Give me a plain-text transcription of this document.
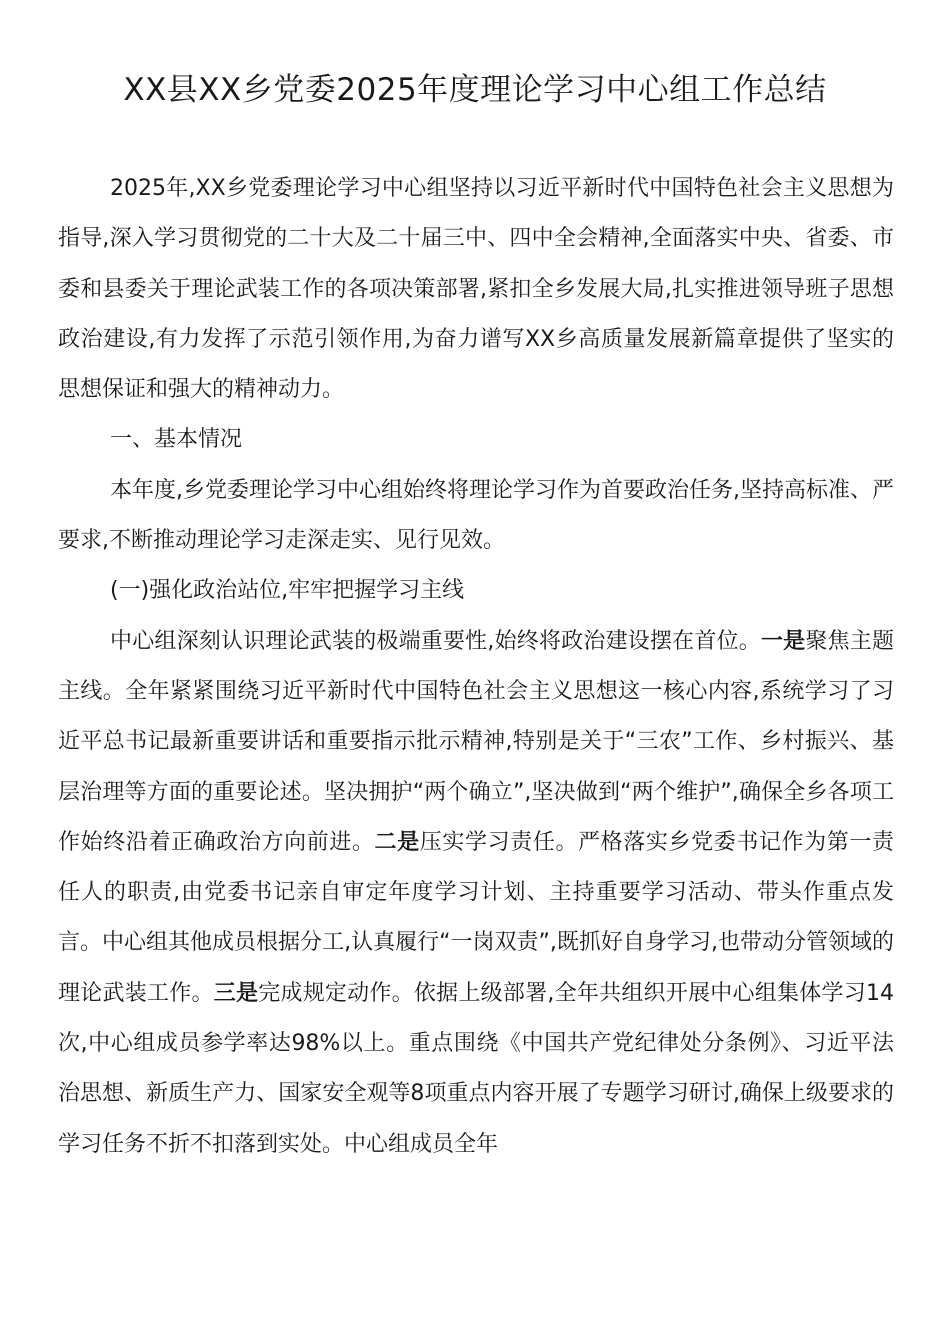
XX县XX乡党委2025年度理论学习中心组工作总结

2025年,XX乡党委理论学习中心组坚持以习近平新时代中国特色社会主义思想为指导,深入学习贯彻党的二十大及二十届三中、四中全会精神,全面落实中央、省委、市委和县委关于理论武装工作的各项决策部署,紧扣全乡发展大局,扎实推进领导班子思想政治建设,有力发挥了示范引领作用,为奋力谱写XX乡高质量发展新篇章提供了坚实的思想保证和强大的精神动力。

一、基本情况

本年度,乡党委理论学习中心组始终将理论学习作为首要政治任务,坚持高标准、严要求,不断推动理论学习走深走实、见行见效。

(一)强化政治站位,牢牢把握学习主线

中心组深刻认识理论武装的极端重要性,始终将政治建设摆在首位。一是聚焦主题主线。全年紧紧围绕习近平新时代中国特色社会主义思想这一核心内容,系统学习了习近平总书记最新重要讲话和重要指示批示精神,特别是关于“三农”工作、乡村振兴、基层治理等方面的重要论述。坚决拥护“两个确立”,坚决做到“两个维护”,确保全乡各项工作始终沿着正确政治方向前进。二是压实学习责任。严格落实乡党委书记作为第一责任人的职责,由党委书记亲自审定年度学习计划、主持重要学习活动、带头作重点发言。中心组其他成员根据分工,认真履行“一岗双责”,既抓好自身学习,也带动分管领域的理论武装工作。三是完成规定动作。依据上级部署,全年共组织开展中心组集体学习14次,中心组成员参学率达98%以上。重点围绕《中国共产党纪律处分条例》、习近平法治思想、新质生产力、国家安全观等8项重点内容开展了专题学习研讨,确保上级要求的学习任务不折不扣落到实处。中心组成员全年
